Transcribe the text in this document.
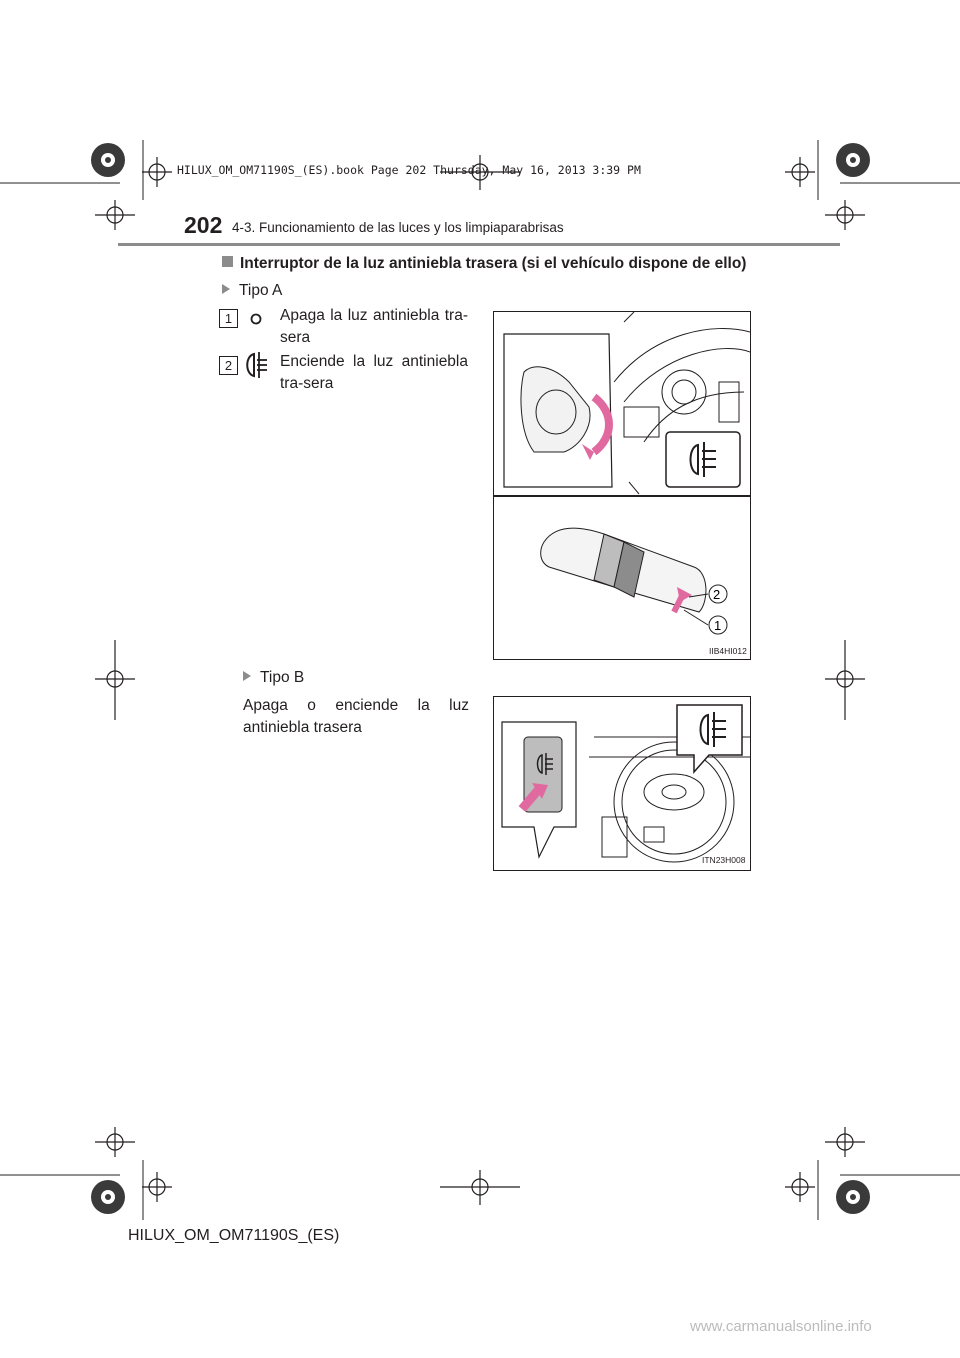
HILUX_OM_OM71190S_(ES).book Page 202 Thursday, May 16, 2013 3:39 PM
202 4-3. Funcionamiento de las luces y los limpiaparabrisas
Interruptor de la luz antiniebla trasera (si el vehículo dispone de ello)
Tipo A
1	Apaga la luz antiniebla tra-sera
2	Enciende la luz antiniebla tra-sera
2
1
IIB4HI012
Tipo B
Apaga o enciende la luz antiniebla trasera
ITN23H008
HILUX_OM_OM71190S_(ES)
www.carmanualsonline.info
